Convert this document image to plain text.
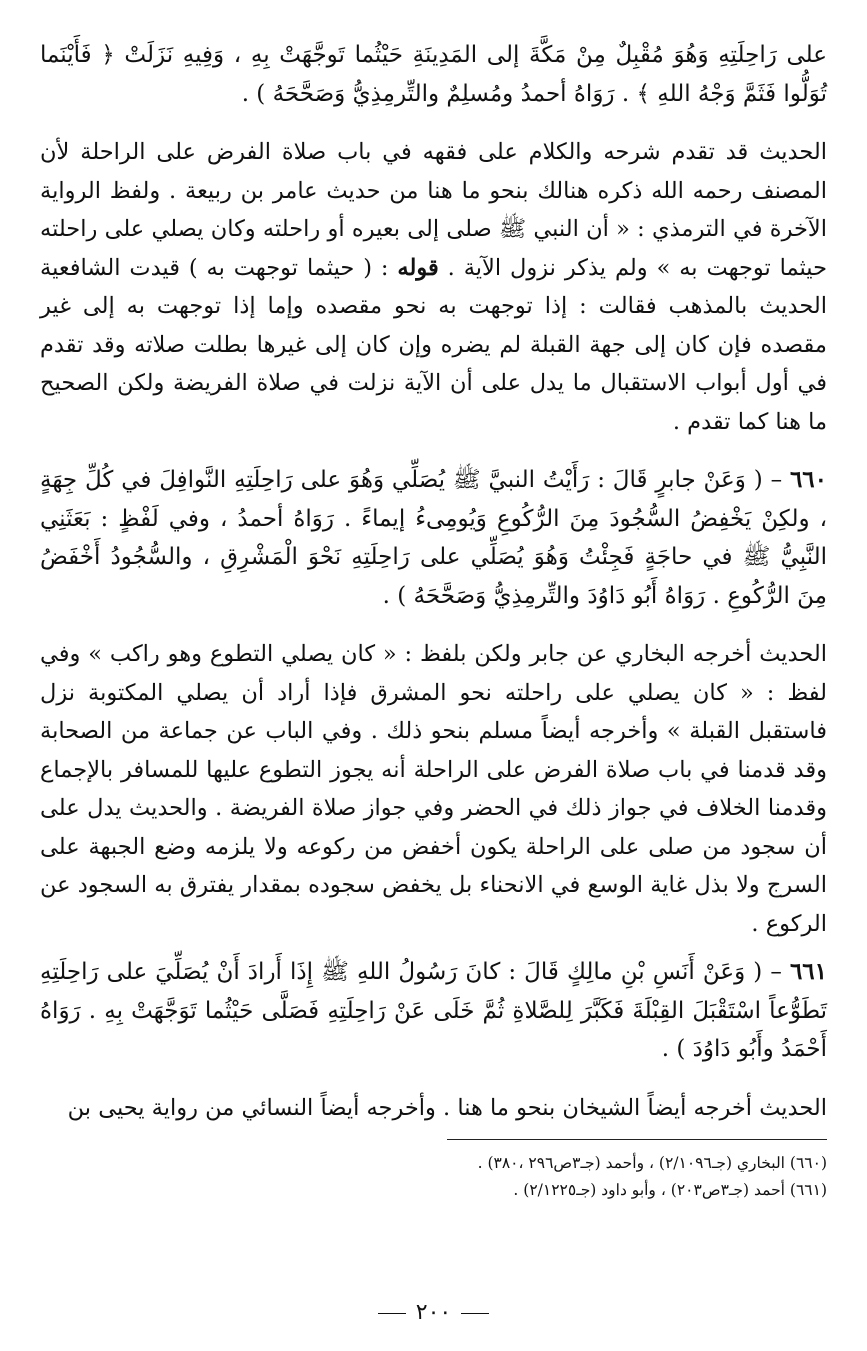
على رَاحِلَتِهِ وَهُوَ مُقْبِلٌ مِنْ مَكَّةَ إلى المَدِينَةِ حَيْثُما تَوجَّهَتْ بِهِ ، وَفِيهِ نَزَلَتْ ﴿ فَأَيْنَما تُوَلُّوا فَثَمَّ وَجْهُ اللهِ ﴾ . رَوَاهُ أحمدُ ومُسلِمٌ والتِّرمِذِيُّ وَصَحَّحَهُ ) .

الحديث قد تقدم شرحه والكلام على فقهه في باب صلاة الفرض على الراحلة لأن المصنف رحمه الله ذكره هنالك بنحو ما هنا من حديث عامر بن ربيعة . ولفظ الرواية الآخرة في الترمذي : « أن النبي ﷺ صلى إلى بعيره أو راحلته وكان يصلي على راحلته حيثما توجهت به » ولم يذكر نزول الآية . قوله : ( حيثما توجهت به ) قيدت الشافعية الحديث بالمذهب فقالت : إذا توجهت به نحو مقصده وإما إذا توجهت به إلى غير مقصده فإن كان إلى جهة القبلة لم يضره وإن كان إلى غيرها بطلت صلاته وقد تقدم في أول أبواب الاستقبال ما يدل على أن الآية نزلت في صلاة الفريضة ولكن الصحيح ما هنا كما تقدم .

٦٦٠ – ( وَعَنْ جابرٍ قَالَ : رَأَيْتُ النبيَّ ﷺ يُصَلِّي وَهُوَ على رَاحِلَتِهِ النَّوافِلَ في كُلِّ جِهَةٍ ، ولكِنْ يَخْفِضُ السُّجُودَ مِنَ الرُّكُوعِ وَيُومِىءُ إيماءً . رَوَاهُ أحمدُ ، وفي لَفْظٍ : بَعَثَنِي النَّبِيُّ ﷺ في حاجَةٍ فَجِئْتُ وَهُوَ يُصَلِّي على رَاحِلَتِهِ نَحْوَ الْمَشْرِقِ ، والسُّجُودُ أَخْفَضُ مِنَ الرُّكُوعِ . رَوَاهُ أَبُو دَاوُدَ والتِّرمِذِيُّ وَصَحَّحَهُ ) .

الحديث أخرجه البخاري عن جابر ولكن بلفظ : « كان يصلي التطوع وهو راكب » وفي لفظ : « كان يصلي على راحلته نحو المشرق فإذا أراد أن يصلي المكتوبة نزل فاستقبل القبلة » وأخرجه أيضاً مسلم بنحو ذلك . وفي الباب عن جماعة من الصحابة وقد قدمنا في باب صلاة الفرض على الراحلة أنه يجوز التطوع عليها للمسافر بالإجماع وقدمنا الخلاف في جواز ذلك في الحضر وفي جواز صلاة الفريضة . والحديث يدل على أن سجود من صلى على الراحلة يكون أخفض من ركوعه ولا يلزمه وضع الجبهة على السرج ولا بذل غاية الوسع في الانحناء بل يخفض سجوده بمقدار يفترق به السجود عن الركوع .

٦٦١ – ( وَعَنْ أَنَسِ بْنِ مالِكٍ قَالَ : كانَ رَسُولُ اللهِ ﷺ إِذَا أَرادَ أَنْ يُصَلِّيَ على رَاحِلَتِهِ تَطَوُّعاً اسْتَقْبَلَ القِبْلَةَ فَكَبَّرَ لِلصَّلاةِ ثُمَّ خَلَى عَنْ رَاحِلَتِهِ فَصَلَّى حَيْثُما تَوَجَّهَتْ بِهِ . رَوَاهُ أَحْمَدُ وأَبُو دَاوُدَ ) .

الحديث أخرجه أيضاً الشيخان بنحو ما هنا . وأخرجه أيضاً النسائي من رواية يحيى بن

(٦٦٠) البخاري (جـ٢/١٠٩٦) ، وأحمد (جـ٣ص٢٩٦ ،٣٨٠) .

(٦٦١) أحمد (جـ٣ص٢٠٣) ، وأبو داود (جـ٢/١٢٢٥) .

٢٠٠
